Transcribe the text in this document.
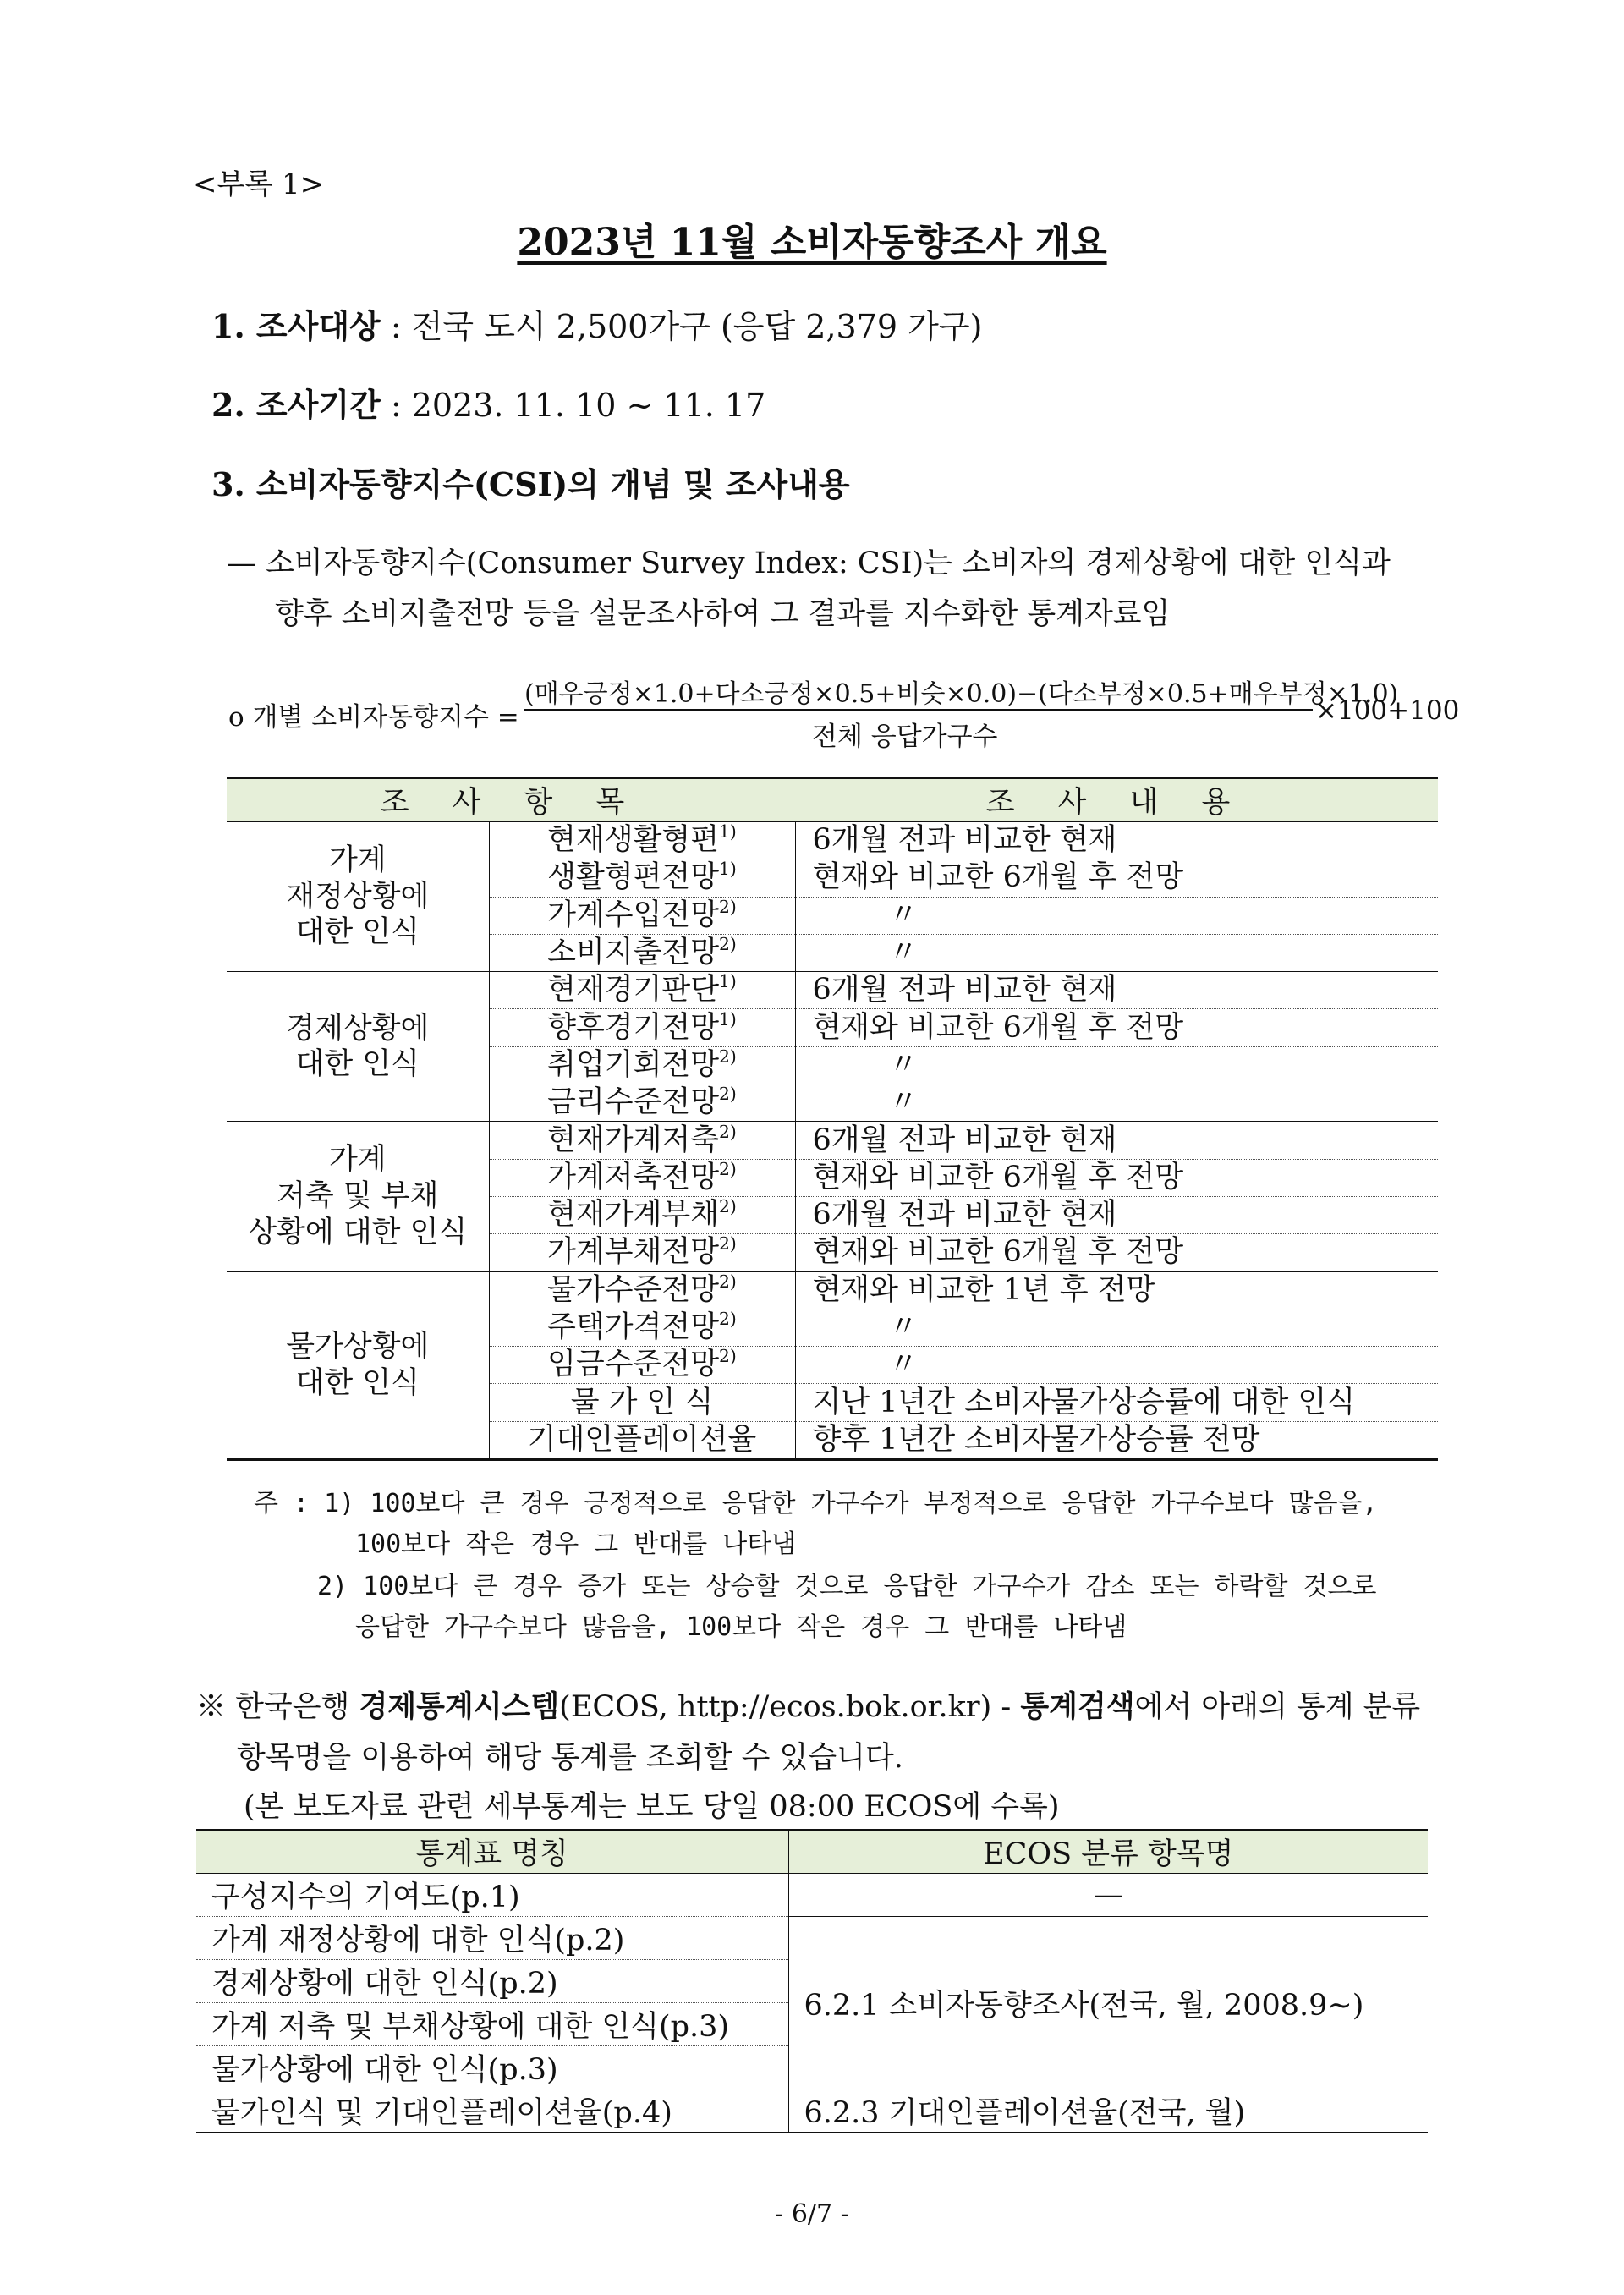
<부록 1>
2023년 11월 소비자동향조사 개요
1. 조사대상 : 전국 도시 2,500가구 (응답 2,379 가구)
2. 조사기간 : 2023. 11. 10 ~ 11. 17
3. 소비자동향지수(CSI)의 개념 및 조사내용
— 소비자동향지수(Consumer Survey Index: CSI)는 소비자의 경제상황에 대한 인식과
향후 소비지출전망 등을 설문조사하여 그 결과를 지수화한 통계자료임
o 개별 소비자동향지수 =
(매우긍정×1.0+다소긍정×0.5+비슷×0.0)−(다소부정×0.5+매우부정×1.0)
전체 응답가구수
×100+100
조 사 항 목		조 사 내 용
가계
재정상황에
대한 인식	현재생활형편$^{1)}$	6개월 전과 비교한 현재
	생활형편전망$^{1)}$	현재와 비교한 6개월 후 전망
	가계수입전망$^{2)}$	〃
	소비지출전망$^{2)}$	〃
경제상황에
대한 인식	현재경기판단$^{1)}$	6개월 전과 비교한 현재
	향후경기전망$^{1)}$	현재와 비교한 6개월 후 전망
	취업기회전망$^{2)}$	〃
	금리수준전망$^{2)}$	〃
가계
저축 및 부채
상황에 대한 인식	현재가계저축$^{2)}$	6개월 전과 비교한 현재
	가계저축전망$^{2)}$	현재와 비교한 6개월 후 전망
	현재가계부채$^{2)}$	6개월 전과 비교한 현재
	가계부채전망$^{2)}$	현재와 비교한 6개월 후 전망
물가상황에
대한 인식	물가수준전망$^{2)}$	현재와 비교한 1년 후 전망
	주택가격전망$^{2)}$	〃
	임금수준전망$^{2)}$	〃
	물 가 인 식	지난 1년간 소비자물가상승률에 대한 인식
	기대인플레이션율	향후 1년간 소비자물가상승률 전망
주 : 1) 100보다 큰 경우 긍정적으로 응답한 가구수가 부정적으로 응답한 가구수보다 많음을,
100보다 작은 경우 그 반대를 나타냄
2) 100보다 큰 경우 증가 또는 상승할 것으로 응답한 가구수가 감소 또는 하락할 것으로
응답한 가구수보다 많음을, 100보다 작은 경우 그 반대를 나타냄
※ 한국은행 경제통계시스템(ECOS, http://ecos.bok.or.kr) - 통계검색에서 아래의 통계 분류
항목명을 이용하여 해당 통계를 조회할 수 있습니다.
(본 보도자료 관련 세부통계는 보도 당일 08:00 ECOS에 수록)
통계표 명칭	ECOS 분류 항목명
구성지수의 기여도(p.1)	—
가계 재정상황에 대한 인식(p.2)	6.2.1 소비자동향조사(전국, 월, 2008.9~)
경제상황에 대한 인식(p.2)	
가계 저축 및 부채상황에 대한 인식(p.3)	
물가상황에 대한 인식(p.3)	
물가인식 및 기대인플레이션율(p.4)	6.2.3 기대인플레이션율(전국, 월)
- 6/7 -
